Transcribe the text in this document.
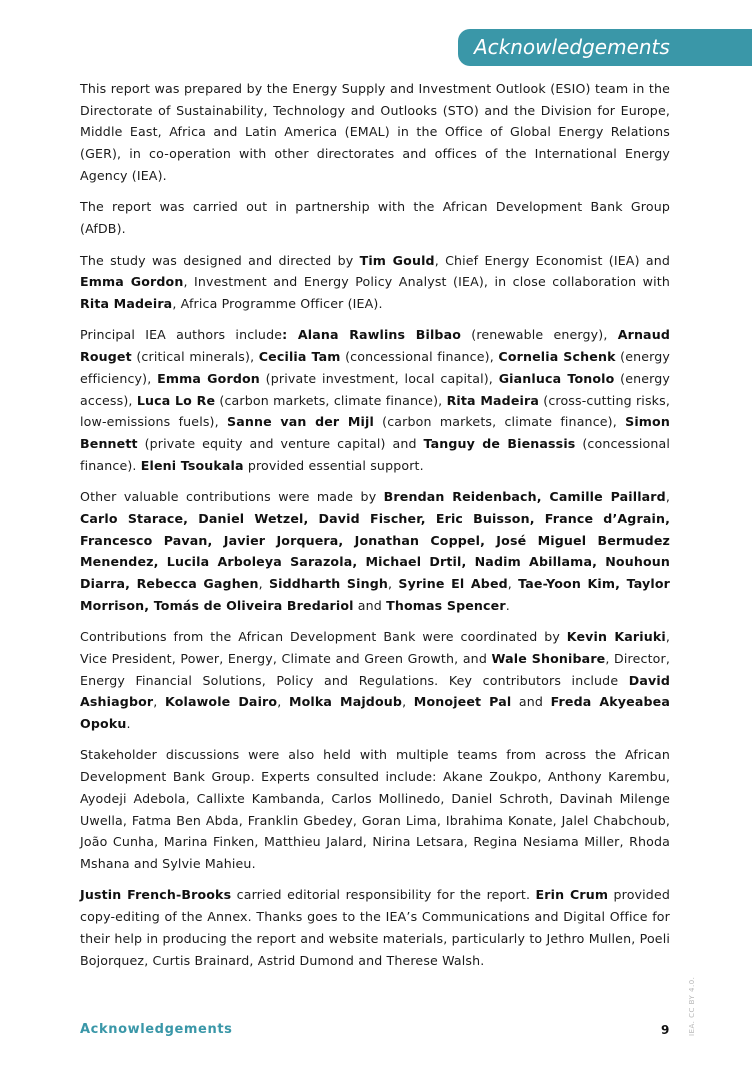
Acknowledgements

This report was prepared by the Energy Supply and Investment Outlook (ESIO) team in the Directorate of Sustainability, Technology and Outlooks (STO) and the Division for Europe, Middle East, Africa and Latin America (EMAL) in the Office of Global Energy Relations (GER), in co-operation with other directorates and offices of the International Energy Agency (IEA).

The report was carried out in partnership with the African Development Bank Group (AfDB).

The study was designed and directed by Tim Gould, Chief Energy Economist (IEA) and Emma Gordon, Investment and Energy Policy Analyst (IEA), in close collaboration with Rita Madeira, Africa Programme Officer (IEA).

Principal IEA authors include: Alana Rawlins Bilbao (renewable energy), Arnaud Rouget (critical minerals), Cecilia Tam (concessional finance), Cornelia Schenk (energy efficiency), Emma Gordon (private investment, local capital), Gianluca Tonolo (energy access), Luca Lo Re (carbon markets, climate finance), Rita Madeira (cross-cutting risks, low-emissions fuels), Sanne van der Mijl (carbon markets, climate finance), Simon Bennett (private equity and venture capital) and Tanguy de Bienassis (concessional finance). Eleni Tsoukala provided essential support.

Other valuable contributions were made by Brendan Reidenbach, Camille Paillard, Carlo Starace, Daniel Wetzel, David Fischer, Eric Buisson, France d’Agrain, Francesco Pavan, Javier Jorquera, Jonathan Coppel, José Miguel Bermudez Menendez, Lucila Arboleya Sarazola, Michael Drtil, Nadim Abillama, Nouhoun Diarra, Rebecca Gaghen, Siddharth Singh, Syrine El Abed, Tae-Yoon Kim, Taylor Morrison, Tomás de Oliveira Bredariol and Thomas Spencer.

Contributions from the African Development Bank were coordinated by Kevin Kariuki, Vice President, Power, Energy, Climate and Green Growth, and Wale Shonibare, Director, Energy Financial Solutions, Policy and Regulations. Key contributors include David Ashiagbor, Kolawole Dairo, Molka Majdoub, Monojeet Pal and Freda Akyeabea Opoku.

Stakeholder discussions were also held with multiple teams from across the African Development Bank Group. Experts consulted include: Akane Zoukpo, Anthony Karembu, Ayodeji Adebola, Callixte Kambanda, Carlos Mollinedo, Daniel Schroth, Davinah Milenge Uwella, Fatma Ben Abda, Franklin Gbedey, Goran Lima, Ibrahima Konate, Jalel Chabchoub, João Cunha, Marina Finken, Matthieu Jalard, Nirina Letsara, Regina Nesiama Miller, Rhoda Mshana and Sylvie Mahieu.

Justin French-Brooks carried editorial responsibility for the report. Erin Crum provided copy-editing of the Annex. Thanks goes to the IEA’s Communications and Digital Office for their help in producing the report and website materials, particularly to Jethro Mullen, Poeli Bojorquez, Curtis Brainard, Astrid Dumond and Therese Walsh.

Acknowledgements	9	IEA. CC BY 4.0.
